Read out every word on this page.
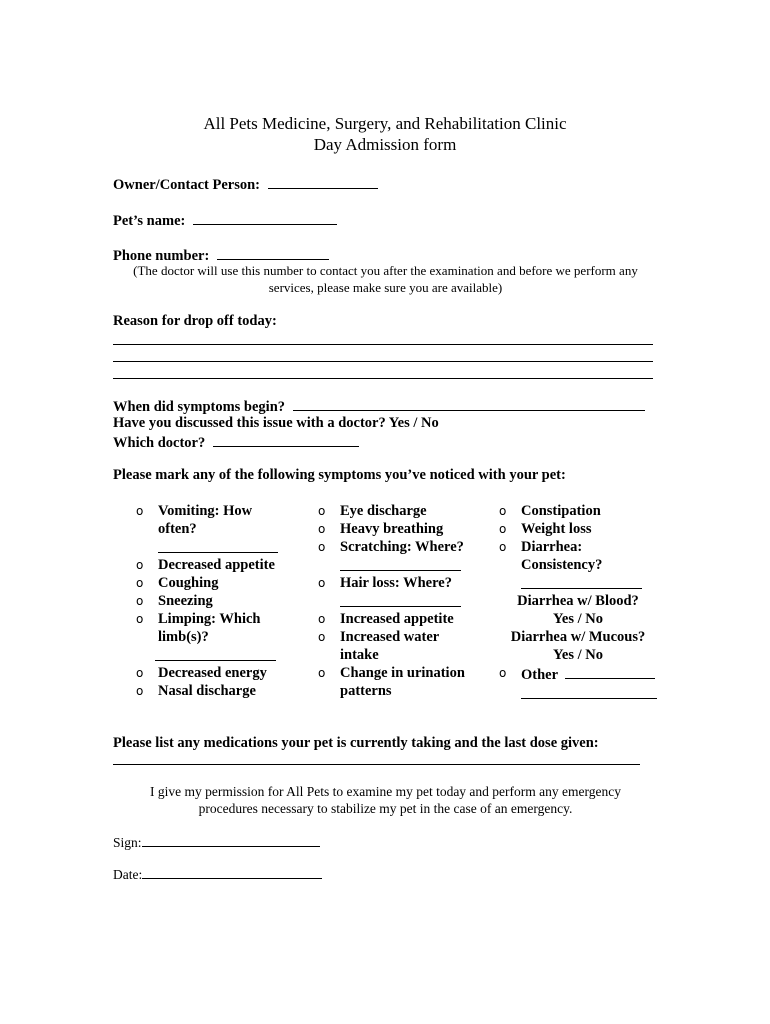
All Pets Medicine, Surgery, and Rehabilitation Clinic
Day Admission form
Owner/Contact Person:
Pet’s name:
Phone number:
(The doctor will use this number to contact you after the examination and before we perform any
services, please make sure you are available)
Reason for drop off today:
When did symptoms begin?
Have you discussed this issue with a doctor? Yes / No
Which doctor?
Please mark any of the following symptoms you’ve noticed with your pet:
o Vomiting: How
often?
o Decreased appetite
o Coughing
o Sneezing
o Limping: Which
limb(s)?
o Decreased energy
o Nasal discharge
o Eye discharge
o Heavy breathing
o Scratching: Where?
o Hair loss: Where?
o Increased appetite
o Increased water
intake
o Change in urination
patterns
o Constipation
o Weight loss
o Diarrhea:
Consistency?
Diarrhea w/ Blood?
Yes / No
Diarrhea w/ Mucous?
Yes / No
o Other
Please list any medications your pet is currently taking and the last dose given:
I give my permission for All Pets to examine my pet today and perform any emergency
procedures necessary to stabilize my pet in the case of an emergency.
Sign:
Date:
